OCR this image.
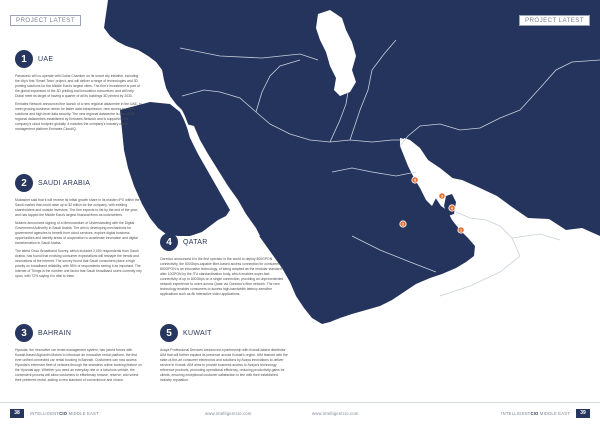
5
2
3
4
1
PROJECT LATEST	PROJECT LATEST
1	UAE

Panasonic will co-operate with Dubai Chamber on its smart city initiative, including the city's first ‘Smart Town’ project, and will deliver a range of technologies and 3D printing solutions for the Middle East’s largest cities. The firm’s investment is part of the global expansion of the 3D printing and innovation consortium, and will help Dubai meet its target of having a quarter of all its buildings 3D printed by 2030.

Emirates Network announced the launch of a new regional datacentre in the UAE, to meet growing business needs for faster data transmission, new access to cloud solutions and high-level data security. The new regional datacentre is one of 18 regional datacentres established by Emirates Network and is supporting the company’s cloud footprint globally. It includes the company’s industry cloud management platform Emirates CloudIQ.

2	SAUDI ARABIA

Mubasher said that it will receive its initial growth share in its maiden IPO within the Saudi market that could raise up to $2 billion for the company, with existing shareholders and outside investors. The firm expects to list by the end of the year, and has tapped the Middle East’s largest financial firms as underwriters.

Nutanix announced signing of a Memorandum of Understanding with the Digital Government Authority in Saudi Arabia. The aim is developing mechanisms for government agencies to benefit from cloud services, explore digital business opportunities and identify areas of cooperation to accelerate innovation and digital transformation in Saudi Arabia.

The latest Cisco Broadband Survey, which included 2,000 respondents from Saudi Arabia, has found that evolving consumer expectations will reshape the trends and innovations of the internet. The survey found that Saudi consumers place a high priority on broadband reliability, with 95% of respondents seeing it as important. The Internet of Things is the number one factor that Saudi broadband users currently rely upon, with 72% saying it is vital to them.

3	BAHRAIN

Hyundai, the innovative car rental management system, has joined forces with Kuwait-based Alghanim Motors to introduce an innovative rental platform, the first ever unified connected car rental booking in Bahrain. Customers can now access Hyundai’s extensive fleet of vehicles through the seamless online booking feature on the Hyundai app. Whether you need an everyday ride or a luxurious vehicle, the convenient process will allow customers to effortlessly browse, reserve, and select their preferred rental, adding a new standard of convenience and choice.

4	QATAR

Ooredoo announced it is the first operator in the world to deploy 800GPON connectivity, the 800Gbps-capable fibre-based access connection for consumers. 800GPON is an innovative technology, of being adopted as the modular standard after 10GPON by the ITU standardisation body, which enables super-fast connectivity of up to 800Gbps on a single connection, providing an unprecedented network experience to users across Qatar via Ooredoo’s fibre network. The new technology enables consumers to access high-bandwidth latency-sensitive applications such as 8k interactive video applications.

5	KUWAIT

Avaya Professional Services announced a partnership with Kuwait-based distributor AIM that will further expand its presence across Kuwait’s region. AIM teamed with the state-of-the-art consumer electronics and solutions by Avaya innovations to deliver service in Kuwait. AIM aims to provide business access to Avaya’s technology reference products, promoting operational efficiency, reducing productivity gains for clients, ensuring exceptional customer satisfaction in line with their established industry reputation.

38	INTELLIGENTCIO MIDDLE EAST	www.intelligentcio.com	www.intelligentcio.com	INTELLIGENTCIO MIDDLE EAST	39
